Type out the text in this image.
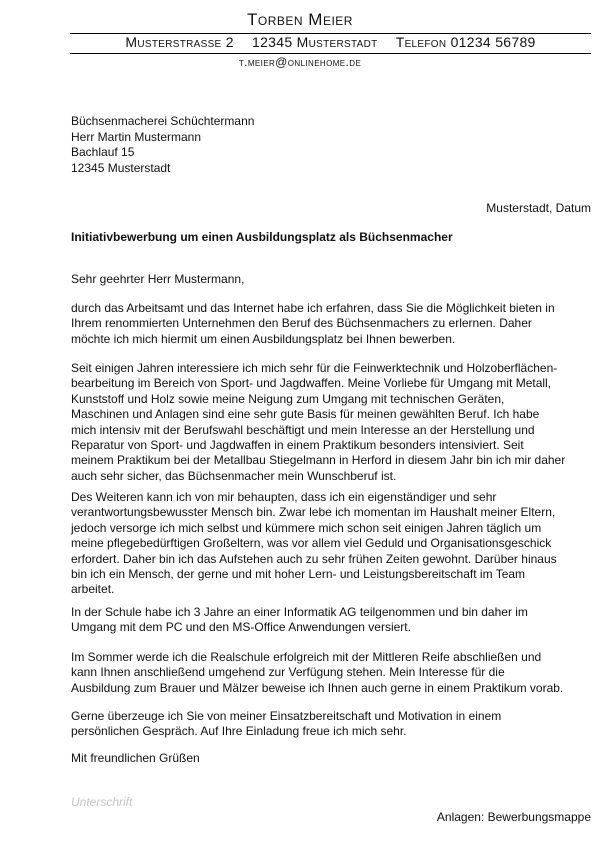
Torben Meier
Musterstrasse 2 12345 Musterstadt Telefon 01234 56789
t.meier@onlinehome.de
Büchsenmacherei Schüchtermann
Herr Martin Mustermann
Bachlauf 15
12345 Musterstadt
Musterstadt, Datum
Initiativbewerbung um einen Ausbildungsplatz als Büchsenmacher
Sehr geehrter Herr Mustermann,
durch das Arbeitsamt und das Internet habe ich erfahren, dass Sie die Möglichkeit bieten in
Ihrem renommierten Unternehmen den Beruf des Büchsenmachers zu erlernen. Daher
möchte ich mich hiermit um einen Ausbildungsplatz bei Ihnen bewerben.
Seit einigen Jahren interessiere ich mich sehr für die Feinwerktechnik und Holzoberflächen-
bearbeitung im Bereich von Sport- und Jagdwaffen. Meine Vorliebe für Umgang mit Metall,
Kunststoff und Holz sowie meine Neigung zum Umgang mit technischen Geräten,
Maschinen und Anlagen sind eine sehr gute Basis für meinen gewählten Beruf. Ich habe
mich intensiv mit der Berufswahl beschäftigt und mein Interesse an der Herstellung und
Reparatur von Sport- und Jagdwaffen in einem Praktikum besonders intensiviert. Seit
meinem Praktikum bei der Metallbau Stiegelmann in Herford in diesem Jahr bin ich mir daher
auch sehr sicher, das Büchsenmacher mein Wunschberuf ist.
Des Weiteren kann ich von mir behaupten, dass ich ein eigenständiger und sehr
verantwortungsbewusster Mensch bin. Zwar lebe ich momentan im Haushalt meiner Eltern,
jedoch versorge ich mich selbst und kümmere mich schon seit einigen Jahren täglich um
meine pflegebedürftigen Großeltern, was vor allem viel Geduld und Organisationsgeschick
erfordert. Daher bin ich das Aufstehen auch zu sehr frühen Zeiten gewohnt. Darüber hinaus
bin ich ein Mensch, der gerne und mit hoher Lern- und Leistungsbereitschaft im Team
arbeitet.
In der Schule habe ich 3 Jahre an einer Informatik AG teilgenommen und bin daher im
Umgang mit dem PC und den MS-Office Anwendungen versiert.
Im Sommer werde ich die Realschule erfolgreich mit der Mittleren Reife abschließen und
kann Ihnen anschließend umgehend zur Verfügung stehen. Mein Interesse für die
Ausbildung zum Brauer und Mälzer beweise ich Ihnen auch gerne in einem Praktikum vorab.
Gerne überzeuge ich Sie von meiner Einsatzbereitschaft und Motivation in einem
persönlichen Gespräch. Auf Ihre Einladung freue ich mich sehr.
Mit freundlichen Grüßen
Unterschrift
Anlagen: Bewerbungsmappe
